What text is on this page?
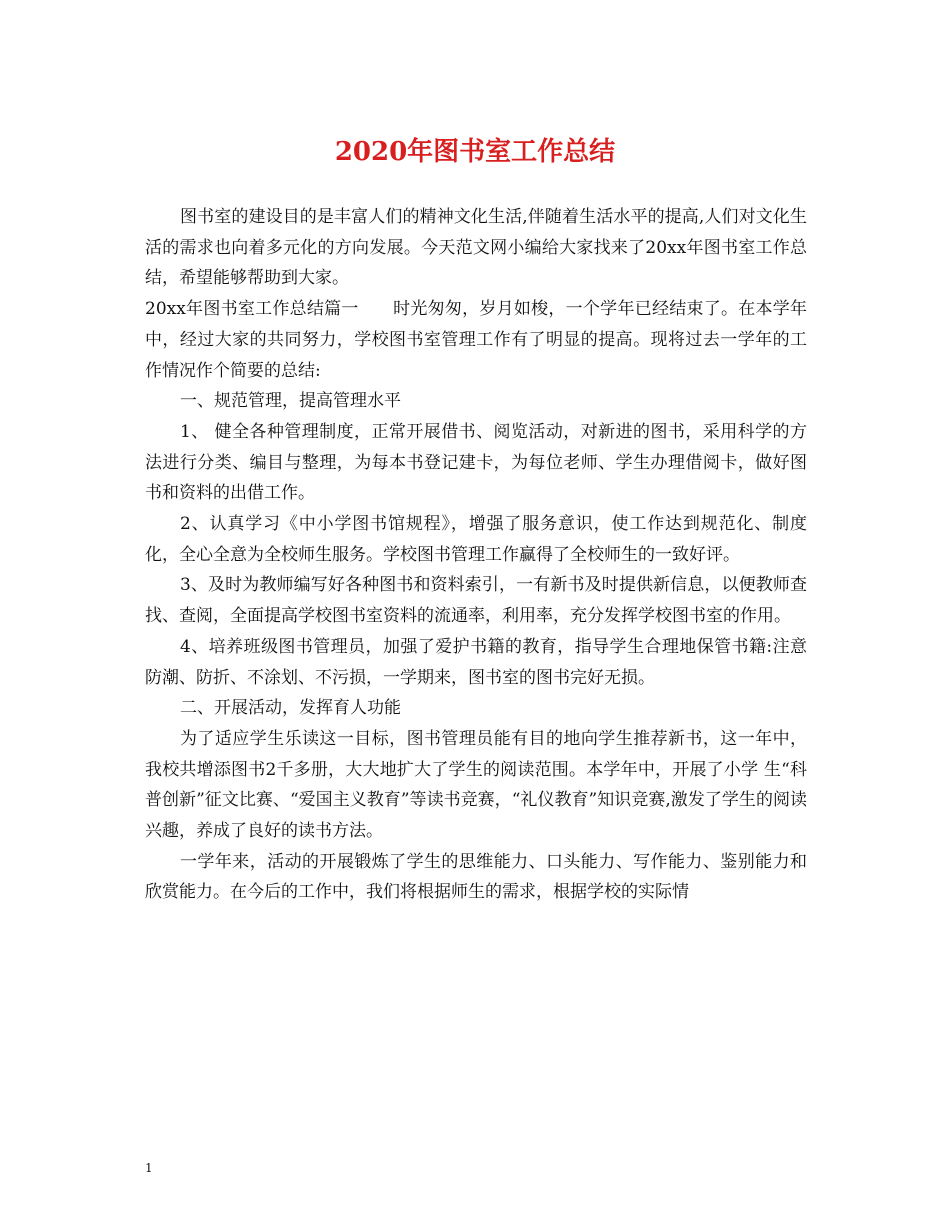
2020年图书室工作总结

图书室的建设目的是丰富人们的精神文化生活,伴随着生活水平的提高,人们对文化生活的需求也向着多元化的方向发展。今天范文网小编给大家找来了20xx年图书室工作总结，希望能够帮助到大家。

20xx年图书室工作总结篇一　　时光匆匆，岁月如梭，一个学年已经结束了。在本学年中，经过大家的共同努力，学校图书室管理工作有了明显的提高。现将过去一学年的工作情况作个简要的总结:

一、规范管理，提高管理水平

1、 健全各种管理制度，正常开展借书、阅览活动，对新进的图书，采用科学的方法进行分类、编目与整理，为每本书登记建卡，为每位老师、学生办理借阅卡，做好图书和资料的出借工作。

2、认真学习《中小学图书馆规程》，增强了服务意识，使工作达到规范化、制度化，全心全意为全校师生服务。学校图书管理工作赢得了全校师生的一致好评。

3、及时为教师编写好各种图书和资料索引，一有新书及时提供新信息，以便教师查找、查阅，全面提高学校图书室资料的流通率，利用率，充分发挥学校图书室的作用。

4、培养班级图书管理员，加强了爱护书籍的教育，指导学生合理地保管书籍:注意防潮、防折、不涂划、不污损，一学期来，图书室的图书完好无损。

二、开展活动，发挥育人功能

为了适应学生乐读这一目标，图书管理员能有目的地向学生推荐新书，这一年中，我校共增添图书2千多册，大大地扩大了学生的阅读范围。本学年中，开展了小学 生“科普创新”征文比赛、“爱国主义教育”等读书竞赛，“礼仪教育”知识竞赛,激发了学生的阅读兴趣，养成了良好的读书方法。

一学年来，活动的开展锻炼了学生的思维能力、口头能力、写作能力、鉴别能力和欣赏能力。在今后的工作中，我们将根据师生的需求，根据学校的实际情

1
